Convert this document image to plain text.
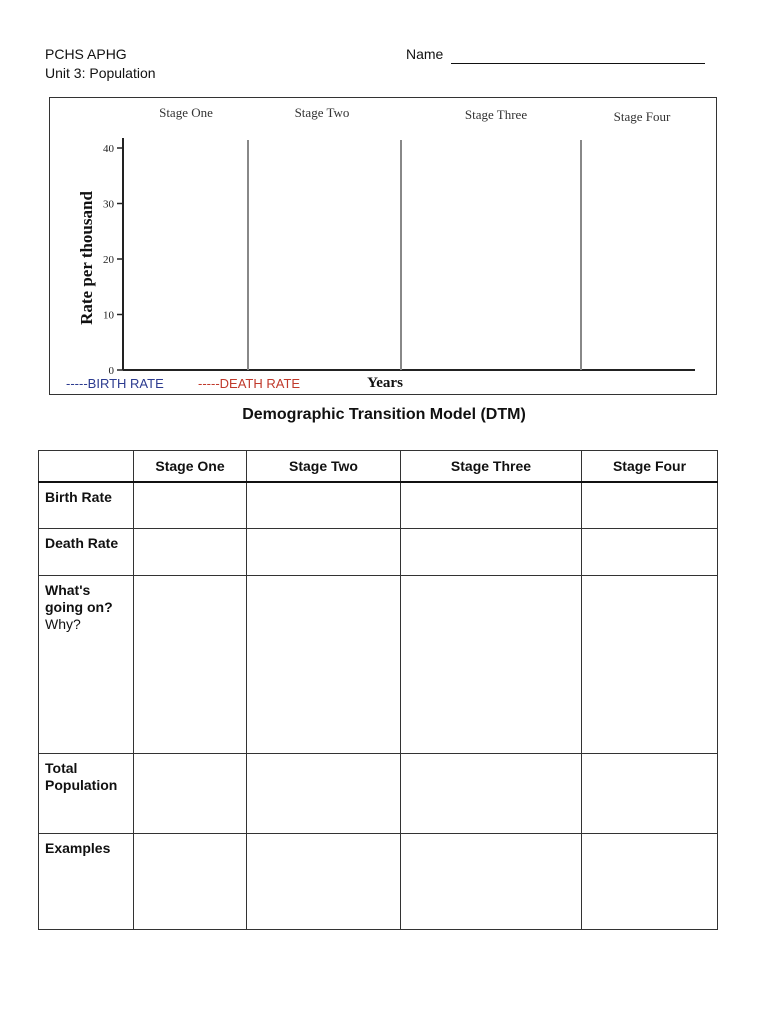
PCHS APHG
Unit 3: Population
Name
0
10
20
30
40
Stage One	Stage Two	Stage Three	Stage Four
Rate per thousand
Years
-----BIRTH RATE	-----DEATH RATE
Demographic Transition Model (DTM)
	Stage One	Stage Two	Stage Three	Stage Four
Birth Rate				
Death Rate				
What's going on?
Why?				

Total Population				
Examples				
